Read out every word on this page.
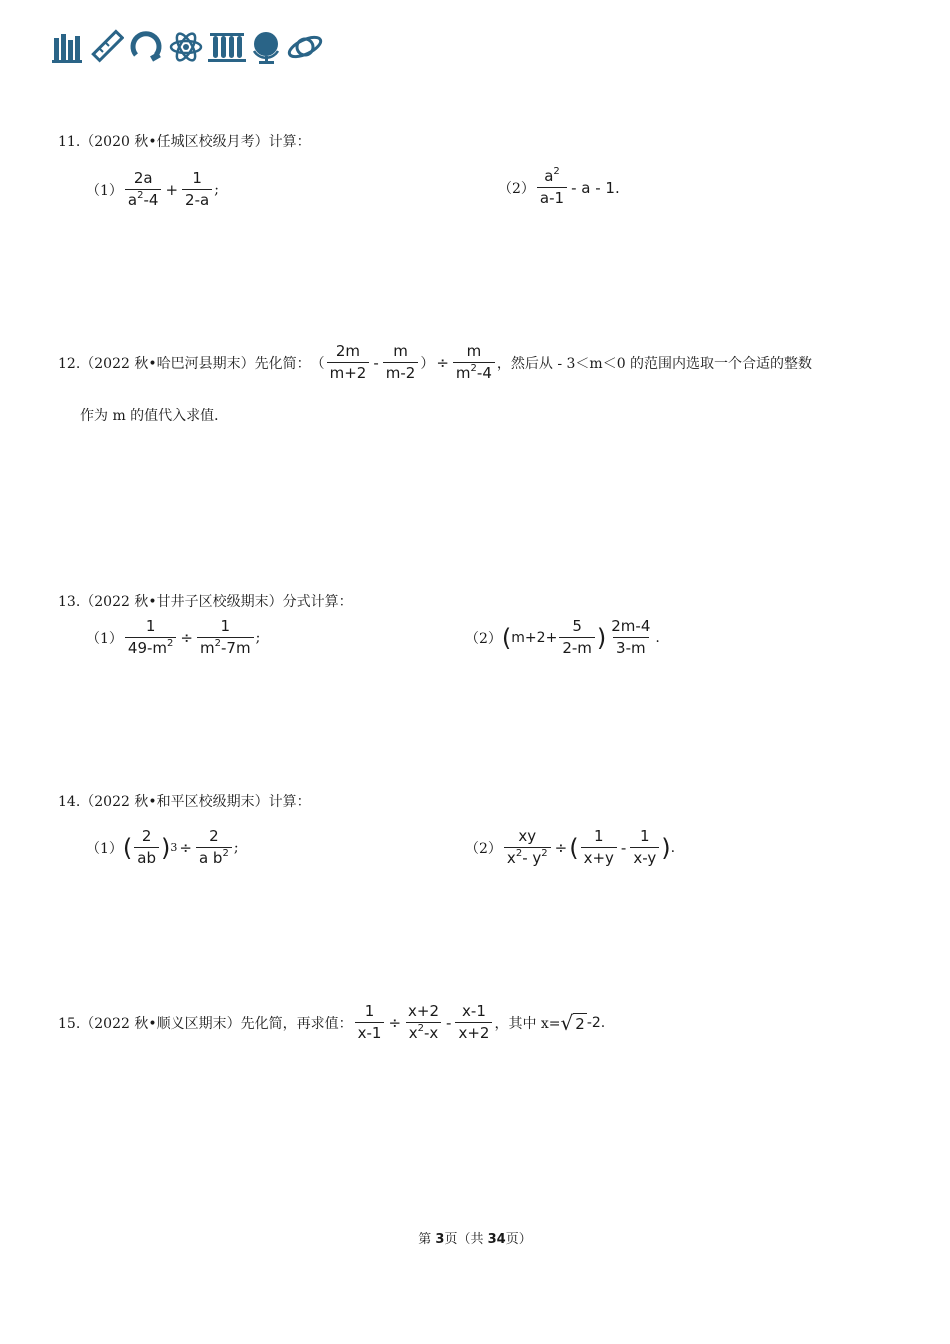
11.（2020 秋•任城区校级月考）计算：
$(1) \frac{2a}{a^2-4} + \frac{1}{2-a}$ ;	$(2) \frac{a^2}{a-1}$ - a - 1.
12.（2022 秋•哈巴河县期末）先化简： （ $\frac{2m}{m+2} - \frac{m}{m-2}$ ） ÷ $\frac{m}{m^2-4}$ ，然后从 - 3＜m＜0 的范围内选取一个合适的整数
作为 m 的值代入求值．
13.（2022 秋•甘井子区校级期末）分式计算：
$(1) \frac{1}{49-m^2} \div \frac{1}{m^2-7m}$ ;	（2） ( $m+2+ \frac{5}{2-m}$ ) $\frac{2m-4}{3-m}$ .
14.（2022 秋•和平区校级期末）计算：
（1） ( $\frac{2}{ab}$ ) $3 \div \frac{2}{a b^2}$ ;	$(2) \frac{xy}{x^2- y^2}$ ÷ ( $\frac{1}{x+y} - \frac{1}{x-y}$ ) .
15.（2022 秋•顺义区期末）先化简，再求值： $\frac{1}{x-1} \div \frac{x+2}{x^2-x} - \frac{x-1}{x+2}$ ，其中 x= √ 2 -2.
第 3页（共 34页）
